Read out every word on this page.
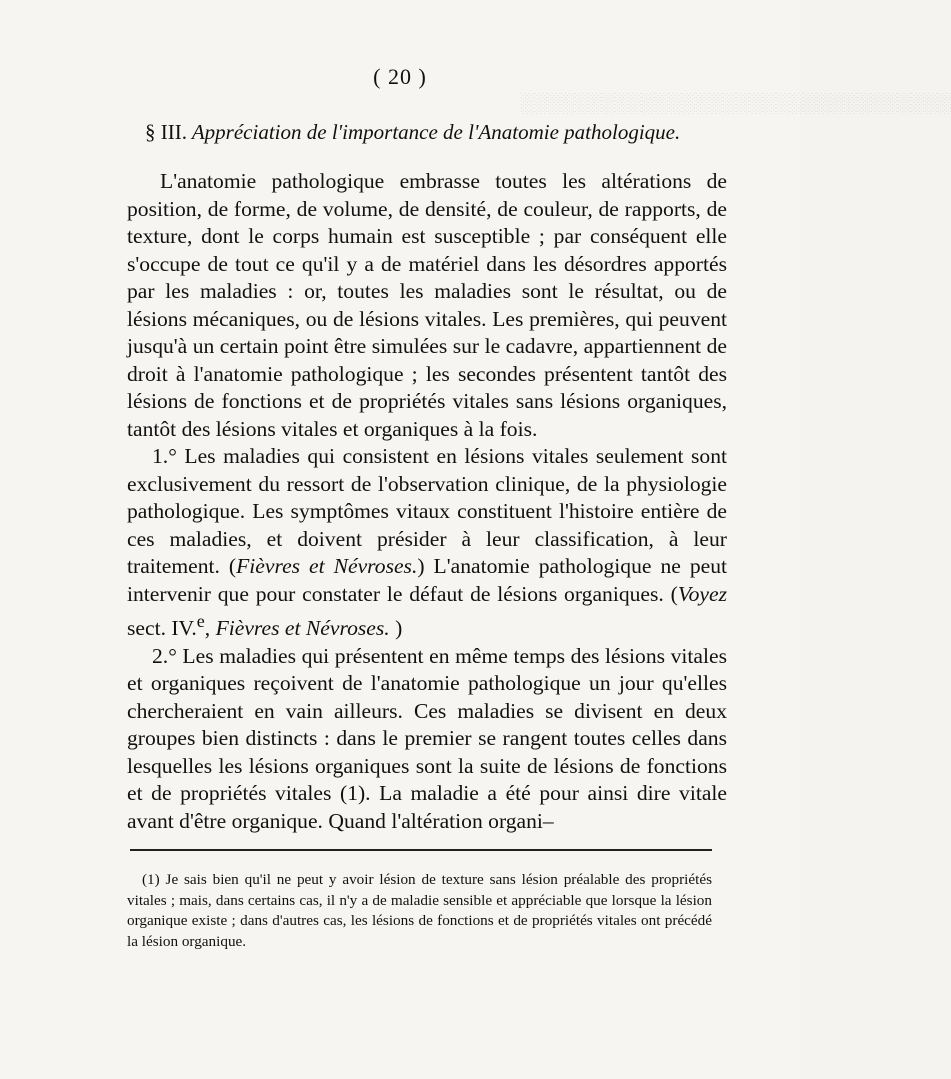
░░░░░░░░░░░░░░░░░░░░░░░░░░░░░░░░
( 20 )
§ III. Appréciation de l'importance de l'Anatomie pathologique.

L'anatomie pathologique embrasse toutes les altérations de position, de forme, de volume, de densité, de couleur, de rapports, de texture, dont le corps humain est susceptible ; par conséquent elle s'occupe de tout ce qu'il y a de matériel dans les désordres apportés par les maladies : or, toutes les maladies sont le résultat, ou de lésions mécaniques, ou de lésions vitales. Les premières, qui peuvent jusqu'à un certain point être simulées sur le cadavre, appartiennent de droit à l'anatomie pathologique ; les secondes présentent tantôt des lésions de fonctions et de propriétés vitales sans lésions organiques, tantôt des lésions vitales et organiques à la fois.

1.° Les maladies qui consistent en lésions vitales seulement sont exclusivement du ressort de l'observation clinique, de la physiologie pathologique. Les symptômes vitaux constituent l'histoire entière de ces maladies, et doivent présider à leur classification, à leur traitement. (Fièvres et Névroses.) L'anatomie pathologique ne peut intervenir que pour constater le défaut de lésions organiques. (Voyez sect. IV.$^e$, Fièvres et Névroses. )

2.° Les maladies qui présentent en même temps des lésions vitales et organiques reçoivent de l'anatomie pathologique un jour qu'elles chercheraient en vain ailleurs. Ces maladies se divisent en deux groupes bien distincts : dans le premier se rangent toutes celles dans lesquelles les lésions organiques sont la suite de lésions de fonctions et de propriétés vitales (1). La maladie a été pour ainsi dire vitale avant d'être organique. Quand l'altération organi–

(1) Je sais bien qu'il ne peut y avoir lésion de texture sans lésion préalable des propriétés vitales ; mais, dans certains cas, il n'y a de maladie sensible et appréciable que lorsque la lésion organique existe ; dans d'autres cas, les lésions de fonctions et de propriétés vitales ont précédé la lésion organique.
